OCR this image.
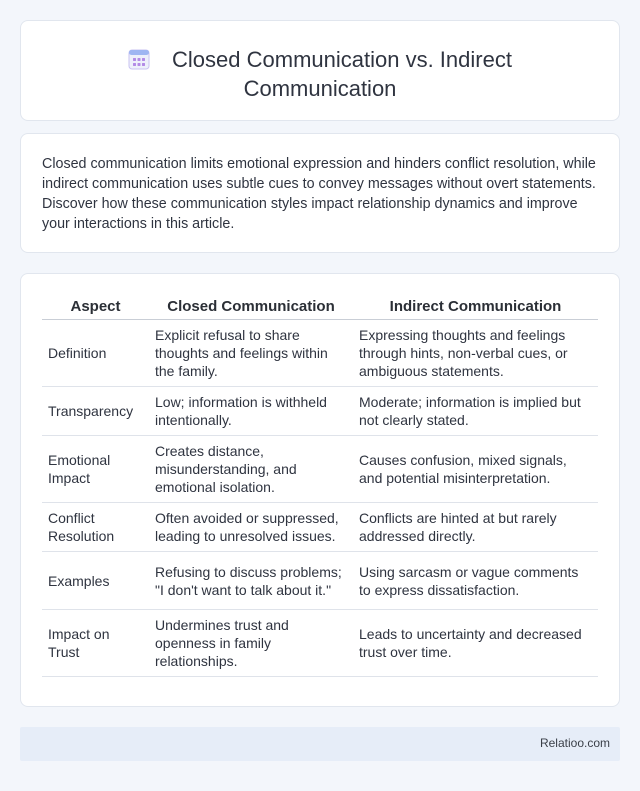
Closed Communication vs. Indirect Communication

Closed communication limits emotional expression and hinders conflict resolution, while indirect communication uses subtle cues to convey messages without overt statements. Discover how these communication styles impact relationship dynamics and improve your interactions in this article.

Aspect	Closed Communication	Indirect Communication
Definition	Explicit refusal to share thoughts and feelings within the family.	Expressing thoughts and feelings through hints, non-verbal cues, or ambiguous statements.
Transparency	Low; information is withheld intentionally.	Moderate; information is implied but not clearly stated.
Emotional Impact	Creates distance, misunderstanding, and emotional isolation.	Causes confusion, mixed signals, and potential misinterpretation.
Conflict Resolution	Often avoided or suppressed, leading to unresolved issues.	Conflicts are hinted at but rarely addressed directly.
Examples	Refusing to discuss problems; "I don't want to talk about it."	Using sarcasm or vague comments to express dissatisfaction.
Impact on Trust	Undermines trust and openness in family relationships.	Leads to uncertainty and decreased trust over time.
Relatioo.com
